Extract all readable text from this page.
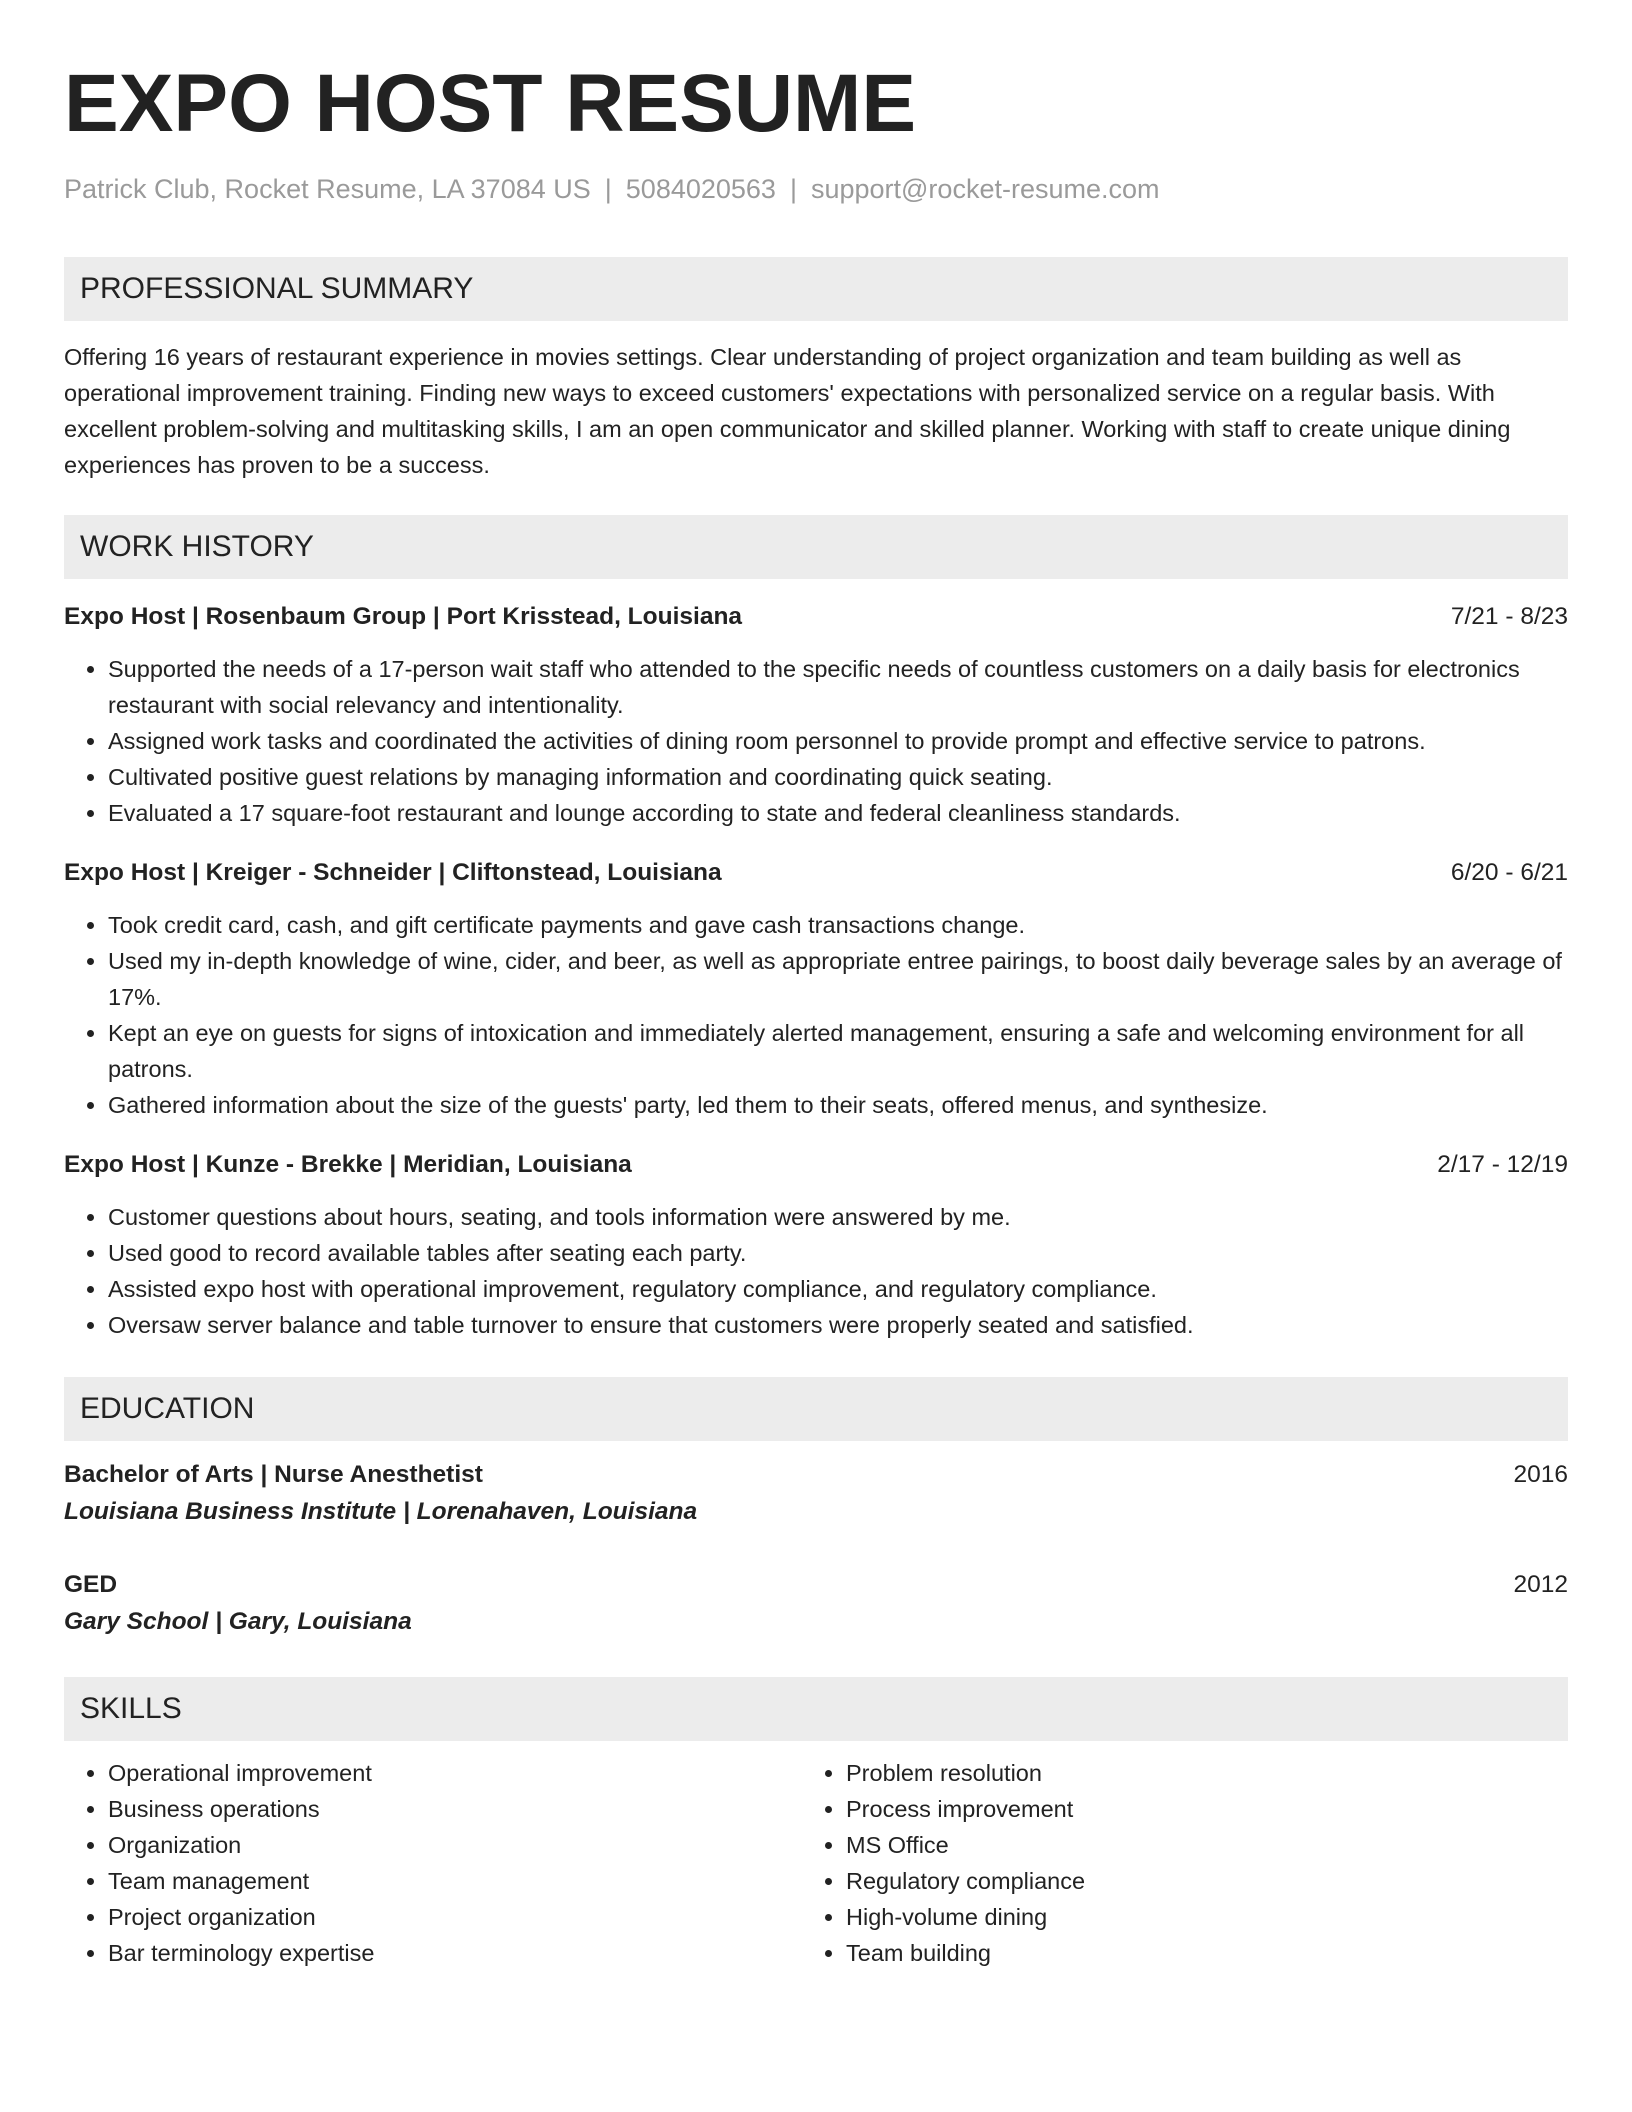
EXPO HOST RESUME
Patrick Club, Rocket Resume, LA 37084 US | 5084020563 | support@rocket-resume.com
PROFESSIONAL SUMMARY
Offering 16 years of restaurant experience in movies settings. Clear understanding of project organization and team building as well as operational improvement training. Finding new ways to exceed customers' expectations with personalized service on a regular basis. With excellent problem-solving and multitasking skills, I am an open communicator and skilled planner. Working with staff to create unique dining experiences has proven to be a success.
WORK HISTORY
Expo Host | Rosenbaum Group | Port Krisstead, Louisiana	7/21 - 8/23
• Supported the needs of a 17-person wait staff who attended to the specific needs of countless customers on a daily basis for electronics restaurant with social relevancy and intentionality.
• Assigned work tasks and coordinated the activities of dining room personnel to provide prompt and effective service to patrons.
• Cultivated positive guest relations by managing information and coordinating quick seating.
• Evaluated a 17 square-foot restaurant and lounge according to state and federal cleanliness standards.
Expo Host | Kreiger - Schneider | Cliftonstead, Louisiana	6/20 - 6/21
• Took credit card, cash, and gift certificate payments and gave cash transactions change.
• Used my in-depth knowledge of wine, cider, and beer, as well as appropriate entree pairings, to boost daily beverage sales by an average of 17%.
• Kept an eye on guests for signs of intoxication and immediately alerted management, ensuring a safe and welcoming environment for all patrons.
• Gathered information about the size of the guests' party, led them to their seats, offered menus, and synthesize.
Expo Host | Kunze - Brekke | Meridian, Louisiana	2/17 - 12/19
• Customer questions about hours, seating, and tools information were answered by me.
• Used good to record available tables after seating each party.
• Assisted expo host with operational improvement, regulatory compliance, and regulatory compliance.
• Oversaw server balance and table turnover to ensure that customers were properly seated and satisfied.
EDUCATION
Bachelor of Arts | Nurse Anesthetist	2016
Louisiana Business Institute | Lorenahaven, Louisiana
GED	2012
Gary School | Gary, Louisiana
SKILLS
• Operational improvement
• Business operations
• Organization
• Team management
• Project organization
• Bar terminology expertise
• Problem resolution
• Process improvement
• MS Office
• Regulatory compliance
• High-volume dining
• Team building
